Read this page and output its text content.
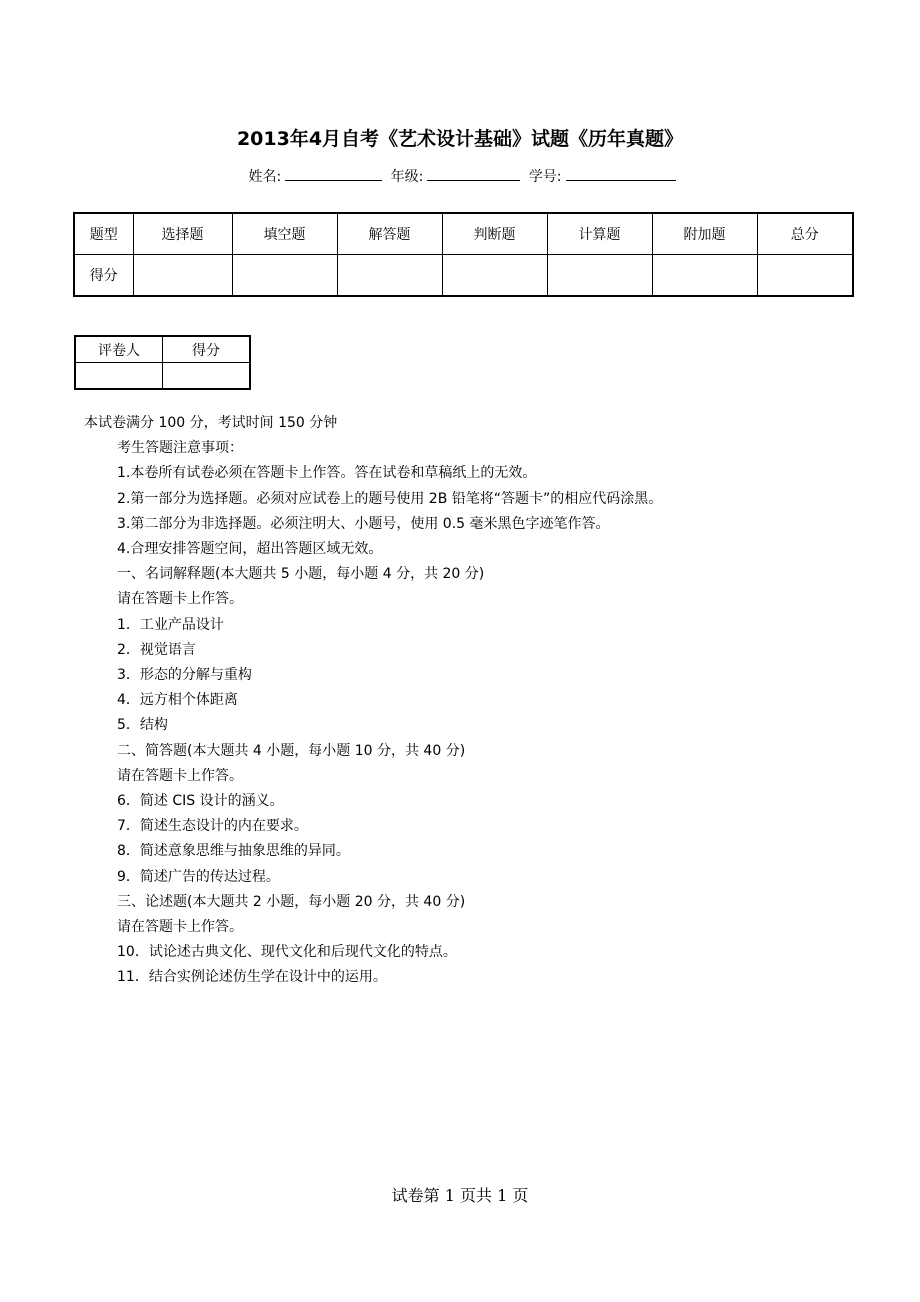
2013年4月自考《艺术设计基础》试题《历年真题》
姓名:	年级:	学号:
题型	选择题	填空题	解答题	判断题	计算题	附加题	总分
得分							
评卷人	得分

本试卷满分 100 分，考试时间 150 分钟
考生答题注意事项：
1.本卷所有试卷必须在答题卡上作答。答在试卷和草稿纸上的无效。
2.第一部分为选择题。必须对应试卷上的题号使用 2B 铅笔将“答题卡”的相应代码涂黑。
3.第二部分为非选择题。必须注明大、小题号，使用 0.5 毫米黑色字迹笔作答。
4.合理安排答题空间，超出答题区域无效。
一、名词解释题(本大题共 5 小题，每小题 4 分，共 20 分)
请在答题卡上作答。
1．工业产品设计
2．视觉语言
3．形态的分解与重构
4．远方相个体距离
5．结构
二、简答题(本大题共 4 小题，每小题 10 分，共 40 分)
请在答题卡上作答。
6．简述 CIS 设计的涵义。
7．简述生态设计的内在要求。
8．简述意象思维与抽象思维的异同。
9．简述广告的传达过程。
三、论述题(本大题共 2 小题，每小题 20 分，共 40 分)
请在答题卡上作答。
10．试论述古典文化、现代文化和后现代文化的特点。
11．结合实例论述仿生学在设计中的运用。
试卷第 1 页共 1 页
